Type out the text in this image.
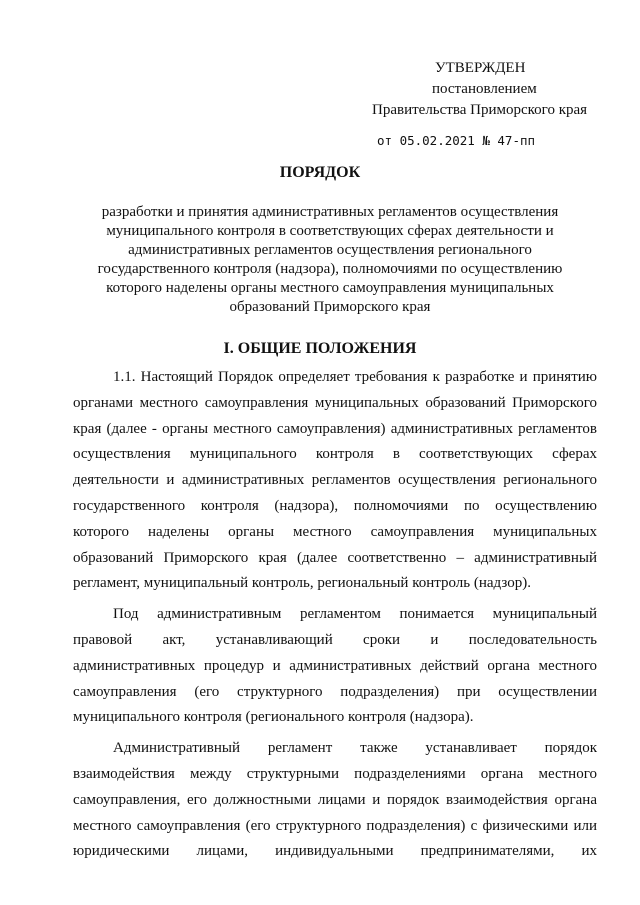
УТВЕРЖДЕН
постановлением
Правительства Приморского края
от 05.02.2021 № 47-пп
ПОРЯДОК
разработки и принятия административных регламентов осуществления
муниципального контроля в соответствующих сферах деятельности и
административных регламентов осуществления регионального
государственного контроля (надзора), полномочиями по осуществлению
которого наделены органы местного самоуправления муниципальных
образований Приморского края
I. ОБЩИЕ ПОЛОЖЕНИЯ
1.1. Настоящий Порядок определяет требования к разработке и принятию
органами местного самоуправления муниципальных образований Приморского
края (далее - органы местного самоуправления) административных регламентов
осуществления муниципального контроля в соответствующих сферах
деятельности и административных регламентов осуществления регионального
государственного контроля (надзора), полномочиями по осуществлению
которого наделены органы местного самоуправления муниципальных
образований Приморского края (далее соответственно – административный
регламент, муниципальный контроль, региональный контроль (надзор).
Под административным регламентом понимается муниципальный
правовой акт, устанавливающий сроки и последовательность
административных процедур и административных действий органа местного
самоуправления (его структурного подразделения) при осуществлении
муниципального контроля (регионального контроля (надзора).
Административный регламент также устанавливает порядок
взаимодействия между структурными подразделениями органа местного
самоуправления, его должностными лицами и порядок взаимодействия органа
местного самоуправления (его структурного подразделения) с физическими или
юридическими лицами, индивидуальными предпринимателями, их
